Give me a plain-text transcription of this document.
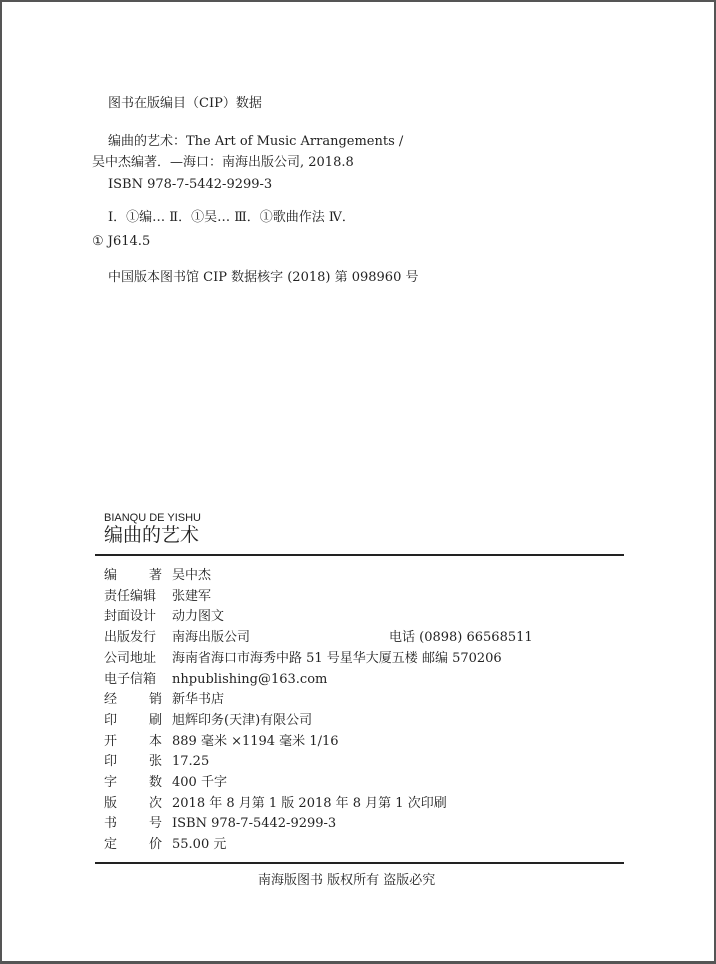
图书在版编目（CIP）数据
编曲的艺术：The Art of Music Arrangements /
吴中杰编著．—海口：南海出版公司, 2018.8
ISBN 978-7-5442-9299-3
Ⅰ．①编… Ⅱ．①吴… Ⅲ．①歌曲作法 Ⅳ．
① J614.5
中国版本图书馆 CIP 数据核字 (2018) 第 098960 号
BIANQU DE YISHU
编曲的艺术
编 著 吴中杰
责任编辑 张建军
封面设计 动力图文
出版发行 南海出版公司	电话 (0898) 66568511
公司地址 海南省海口市海秀中路 51 号星华大厦五楼 邮编 570206
电子信箱 nhpublishing@163.com
经 销 新华书店
印 刷 旭辉印务(天津)有限公司
开 本 889 毫米 ×1194 毫米 1/16
印 张 17.25
字 数 400 千字
版 次 2018 年 8 月第 1 版 2018 年 8 月第 1 次印刷
书 号 ISBN 978-7-5442-9299-3
定 价 55.00 元
南海版图书 版权所有 盗版必究
